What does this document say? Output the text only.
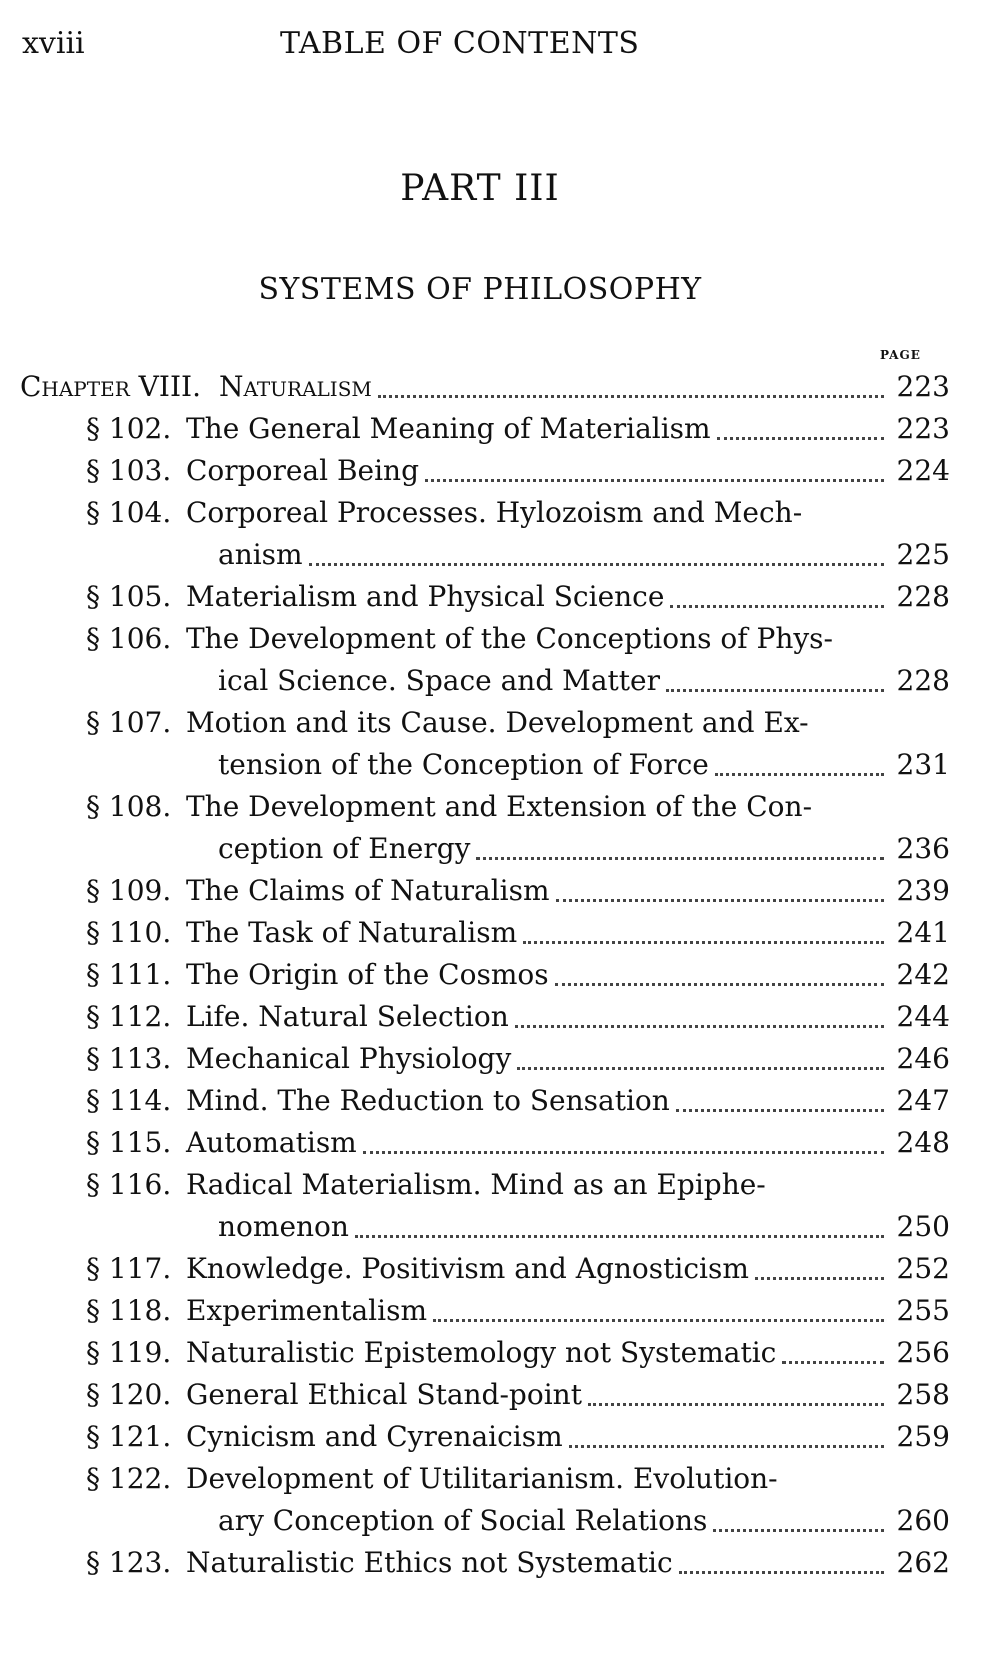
xviii	TABLE OF CONTENTS
PART III
SYSTEMS OF PHILOSOPHY
PAGE
Chapter VIII. Naturalism	223
§ 102. The General Meaning of Materialism	223
§ 103. Corporeal Being	224
§ 104. Corporeal Processes. Hylozoism and Mech-
anism	225
§ 105. Materialism and Physical Science	228
§ 106. The Development of the Conceptions of Phys-
ical Science. Space and Matter	228
§ 107. Motion and its Cause. Development and Ex-
tension of the Conception of Force	231
§ 108. The Development and Extension of the Con-
ception of Energy	236
§ 109. The Claims of Naturalism	239
§ 110. The Task of Naturalism	241
§ 111. The Origin of the Cosmos	242
§ 112. Life. Natural Selection	244
§ 113. Mechanical Physiology	246
§ 114. Mind. The Reduction to Sensation	247
§ 115. Automatism	248
§ 116. Radical Materialism. Mind as an Epiphe-
nomenon	250
§ 117. Knowledge. Positivism and Agnosticism	252
§ 118. Experimentalism	255
§ 119. Naturalistic Epistemology not Systematic	256
§ 120. General Ethical Stand-point	258
§ 121. Cynicism and Cyrenaicism	259
§ 122. Development of Utilitarianism. Evolution-
ary Conception of Social Relations	260
§ 123. Naturalistic Ethics not Systematic	262
